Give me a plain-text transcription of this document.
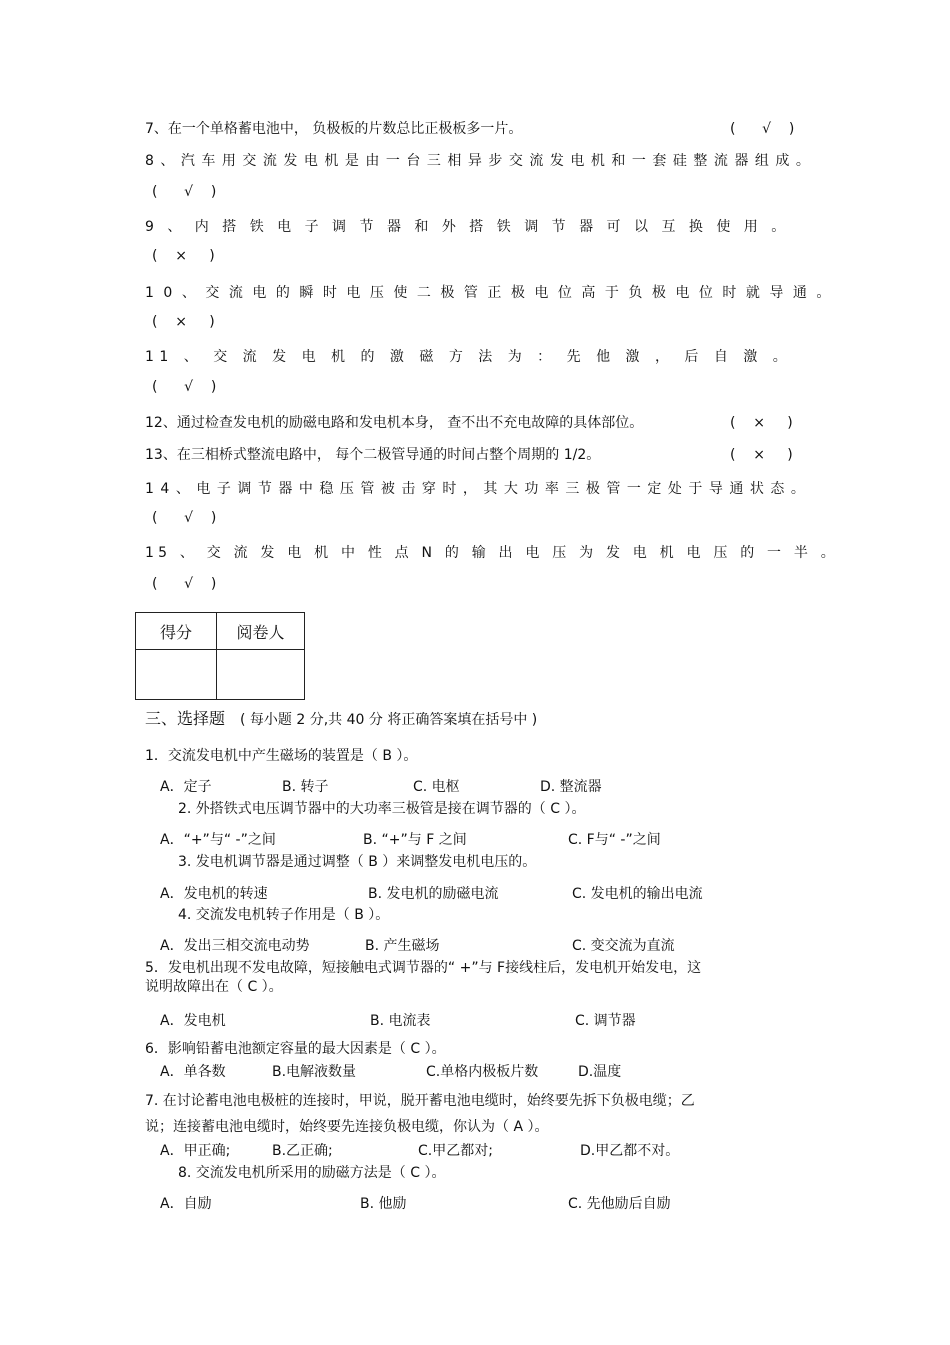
7、在一个单格蓄电池中， 负极板的片数总比正极板多一片。	(      √    )
8、汽车用交流发电机是由一台三相异步交流发电机和一套硅整流器组成。
(      √    )
9 、 内 搭 铁 电 子 调 节 器 和 外 搭 铁 调 节 器 可 以 互 换 使 用 。
(    ×     )
10、交流电的瞬时电压使二极管正极电位高于负极电位时就导通。
(    ×     )
11 、 交 流 发 电 机 的 激 磁 方 法 为 ： 先 他 激 ， 后 自 激 。
(      √    )
12、通过检查发电机的励磁电路和发电机本身， 查不出不充电故障的具体部位。	(    ×     )
13、在三相桥式整流电路中， 每个二极管导通的时间占整个周期的 1/2。	(    ×     )
14、电子调节器中稳压管被击穿时，其大功率三极管一定处于导通状态。
(      √    )
15 、 交 流 发 电 机 中 性 点 N 的 输 出 电 压 为 发 电 机 电 压 的 一 半 。
(      √    )
得分	阅卷人

三、选择题 ( 每小题 2 分,共 40 分 将正确答案填在括号中 )
1．交流发电机中产生磁场的装置是（ B ）。
A．定子	B. 转子	C. 电枢	D. 整流器
2. 外搭铁式电压调节器中的大功率三极管是接在调节器的（ C ）。
A．“+”与“ -”之间	B. “+”与 F 之间	C. F与“ -”之间
3. 发电机调节器是通过调整（ B ）来调整发电机电压的。
A．发电机的转速	B. 发电机的励磁电流	C. 发电机的输出电流
4. 交流发电机转子作用是（ B ）。
A．发出三相交流电动势	B. 产生磁场	C. 变交流为直流
5．发电机出现不发电故障，短接触电式调节器的“ +”与 F接线柱后，发电机开始发电，这
说明故障出在（ C ）。
A．发电机	B. 电流表	C. 调节器
6．影响铅蓄电池额定容量的最大因素是（ C ）。
A．单各数	B.电解液数量	C.单格内极板片数	D.温度
7. 在讨论蓄电池电极桩的连接时，甲说，脱开蓄电池电缆时，始终要先拆下负极电缆；乙
说；连接蓄电池电缆时，始终要先连接负极电缆，你认为（ A ）。
A．甲正确;	B.乙正确;	C.甲乙都对;	D.甲乙都不对。
8. 交流发电机所采用的励磁方法是（ C ）。
A．自励	B. 他励	C. 先他励后自励
